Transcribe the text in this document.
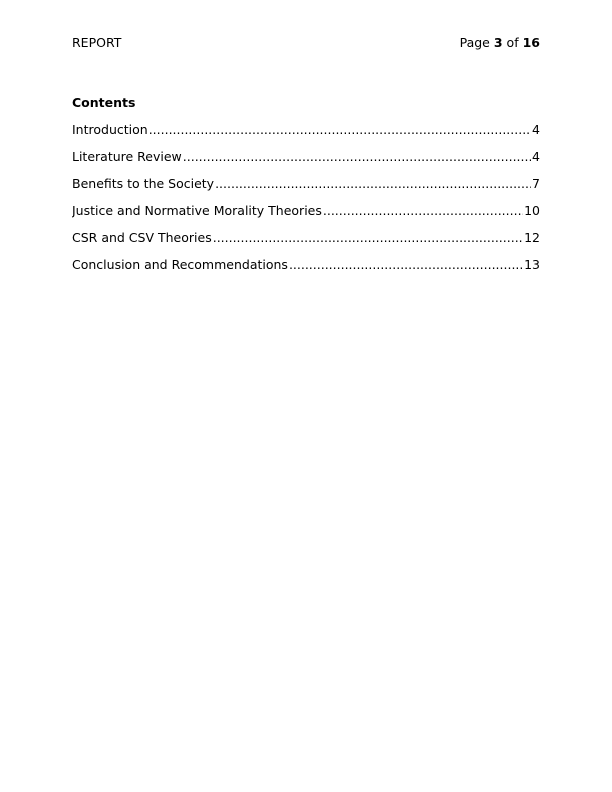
REPORT	Page 3 of 16
Contents
Introduction .....	4
Literature Review .....	4
Benefits to the Society .....	7
Justice and Normative Morality Theories .....	10
CSR and CSV Theories .....	12
Conclusion and Recommendations .....	13
